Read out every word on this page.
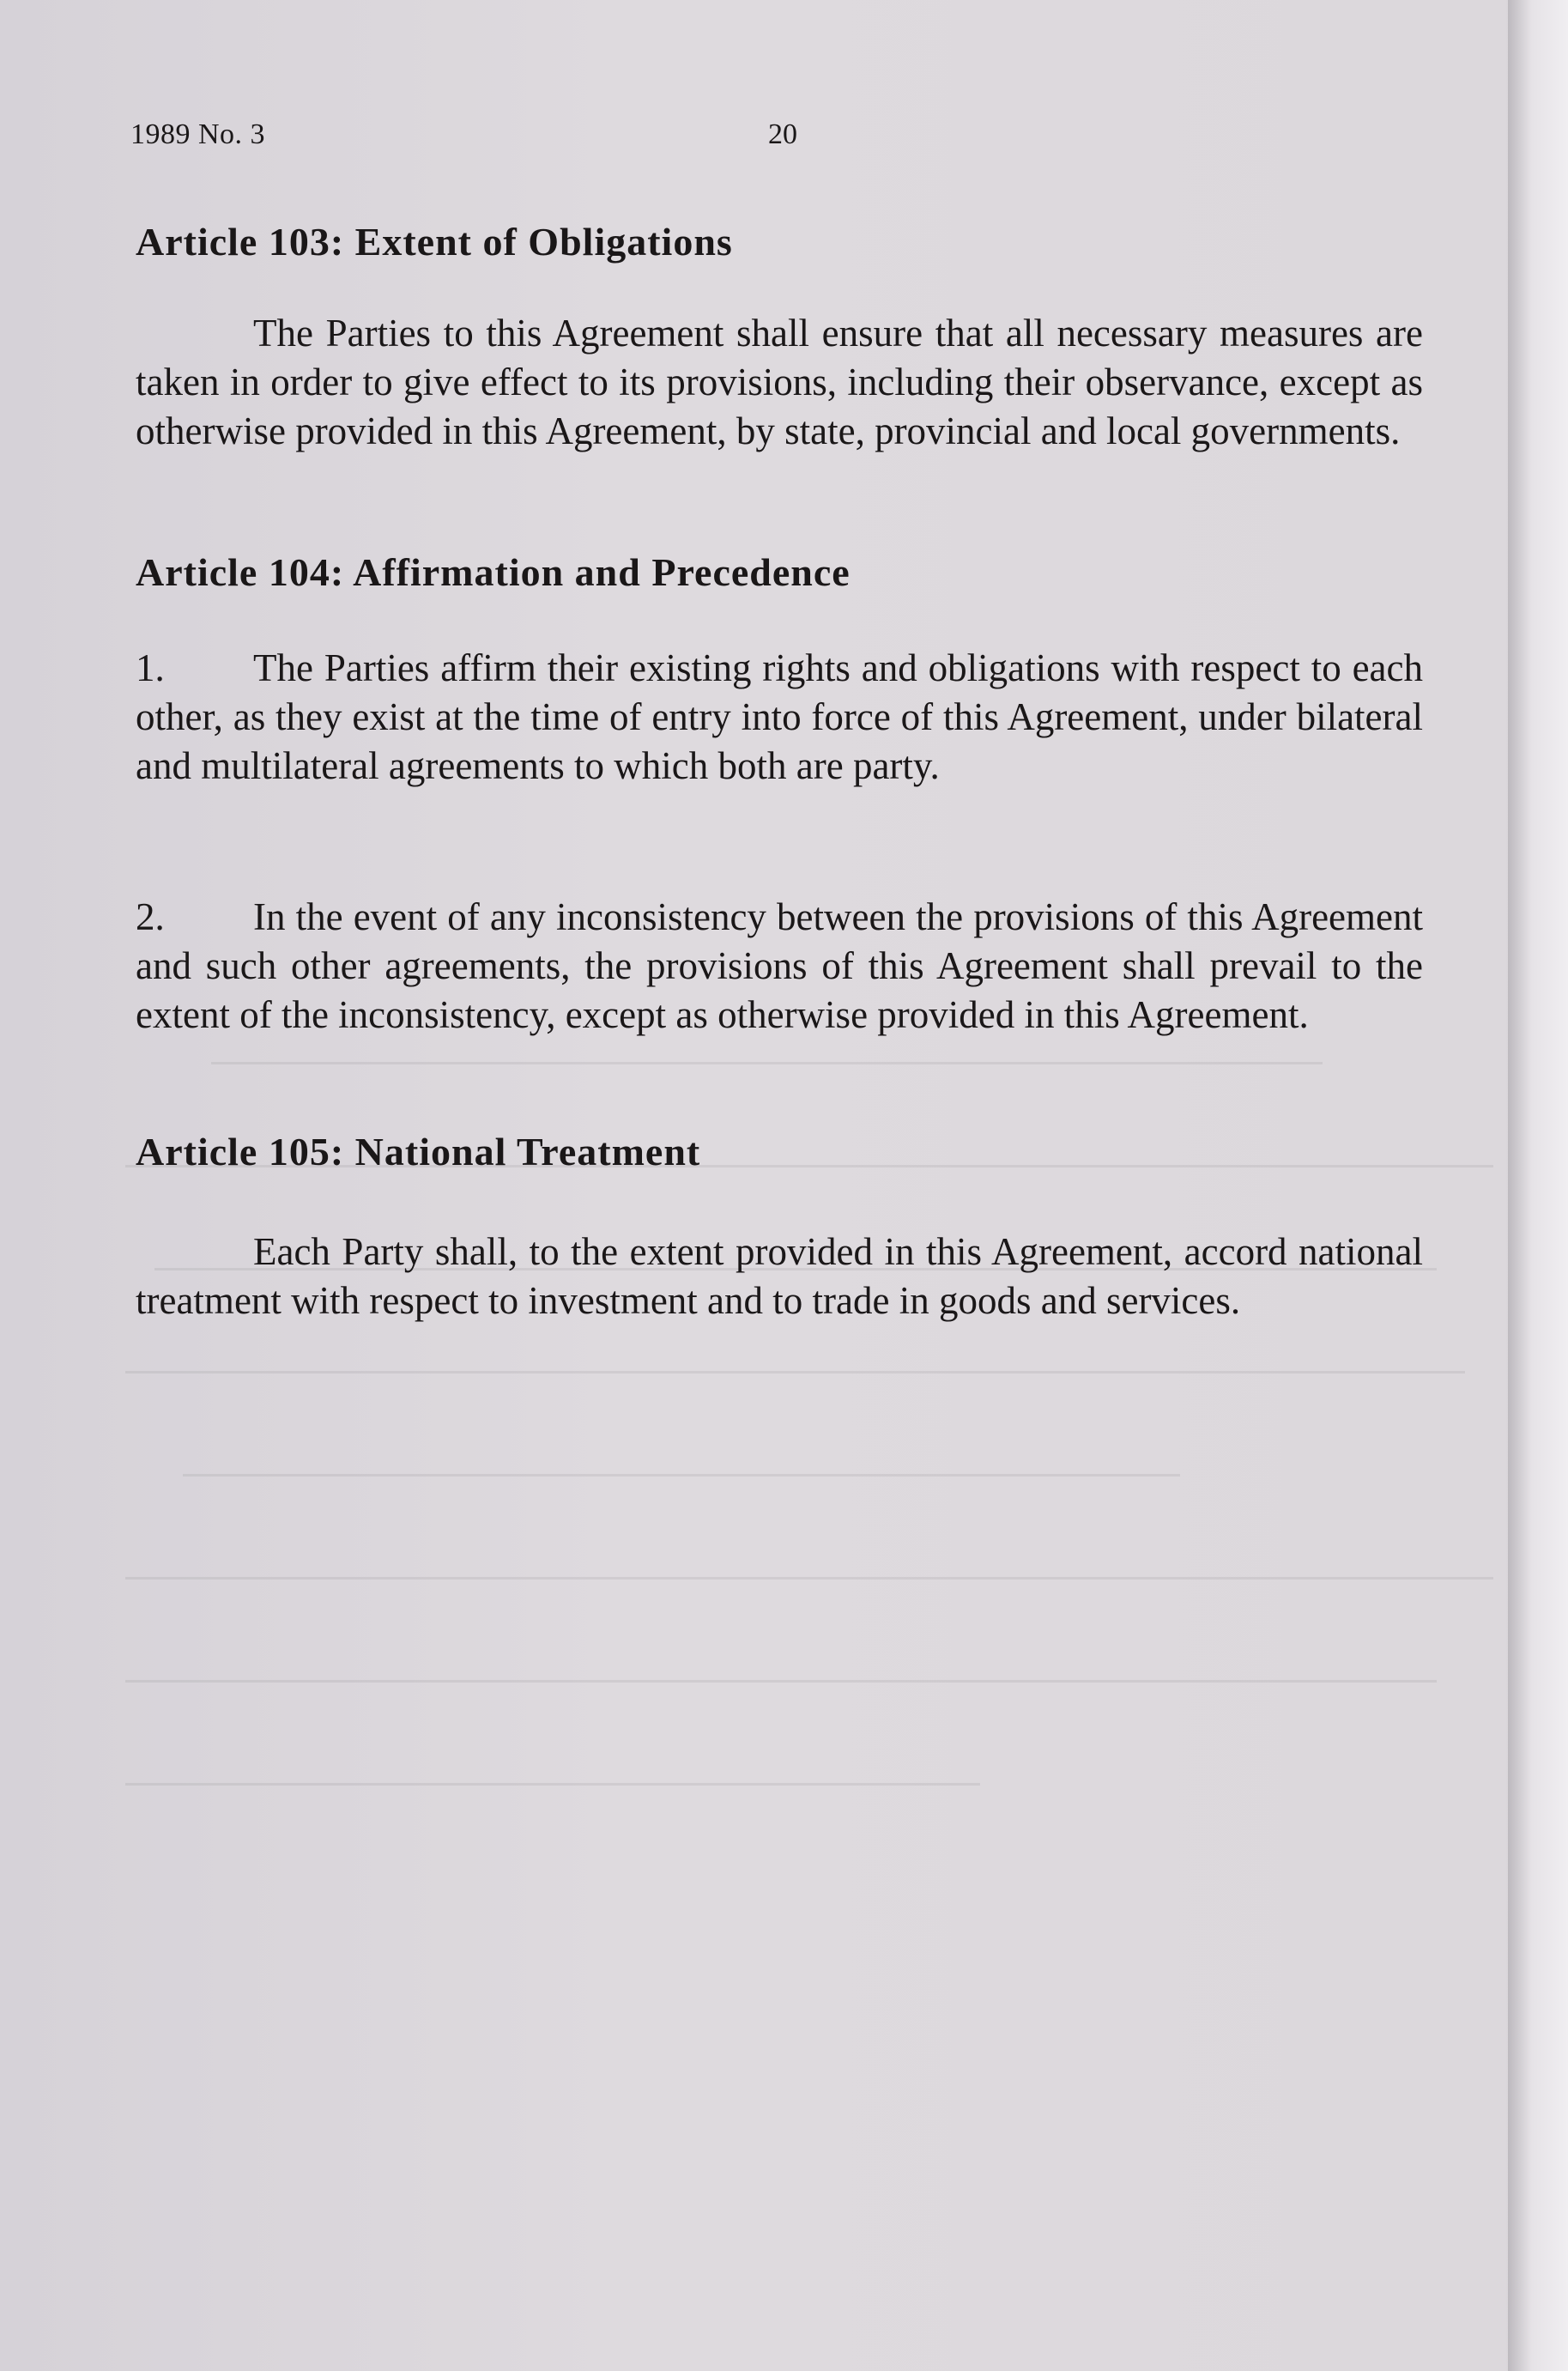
1989 No. 3	20
Article 103: Extent of Obligations

The Parties to this Agreement shall ensure that all necessary measures are taken in order to give effect to its provisions, including their observance, except as otherwise provided in this Agreement, by state, provincial and local governments.

Article 104: Affirmation and Precedence

1. The Parties affirm their existing rights and obligations with respect to each other, as they exist at the time of entry into force of this Agreement, under bilateral and multilateral agreements to which both are party.

2. In the event of any inconsistency between the provisions of this Agreement and such other agreements, the provisions of this Agreement shall prevail to the extent of the inconsistency, except as otherwise provided in this Agreement.

Article 105: National Treatment

Each Party shall, to the extent provided in this Agreement, accord national treatment with respect to investment and to trade in goods and services.
